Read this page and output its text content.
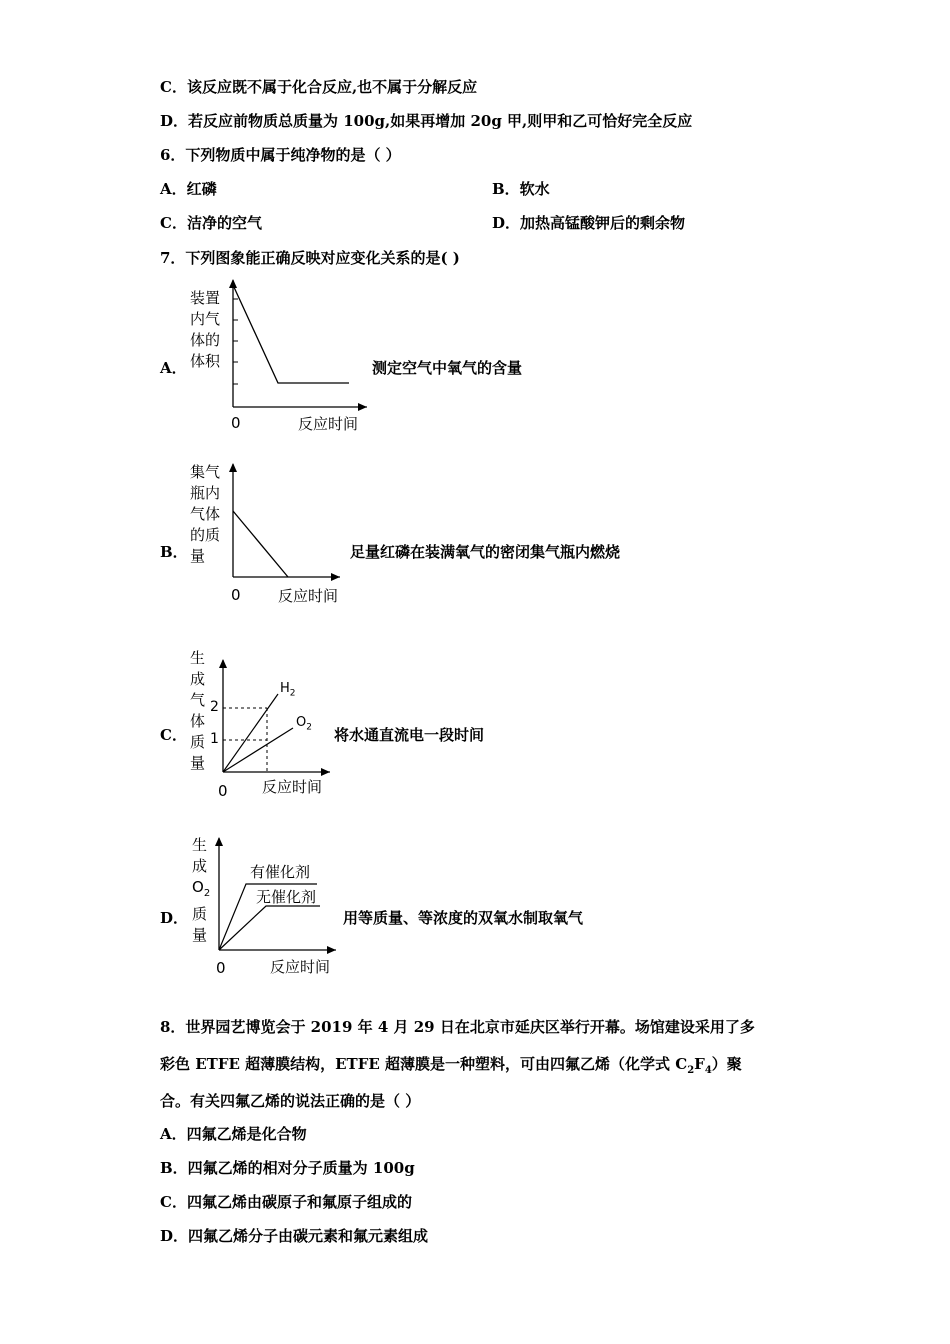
C．该反应既不属于化合反应,也不属于分解反应
D．若反应前物质总质量为 100g,如果再增加 20g 甲,则甲和乙可恰好完全反应
6．下列物质中属于纯净物的是（ ）
A．红磷	B．软水
C．洁净的空气	D．加热高锰酸钾后的剩余物
7．下列图象能正确反映对应变化关系的是( )
A．
装置
内气
体的
体积
0	反应时间
测定空气中氧气的含量
B．
集气
瓶内
气体
的质
量
0 反应时间
足量红磷在装满氧气的密闭集气瓶内燃烧
C．
生
成
气
体
质
量
2
1
$H_2$
$O_2$
0 反应时间
将水通直流电一段时间
D．
生
成
$O_2$
质
量
有催化剂
无催化剂
0	反应时间
用等质量、等浓度的双氧水制取氧气
8．世界园艺博览会于 2019 年 4 月 29 日在北京市延庆区举行开幕。场馆建设采用了多
彩色 ETFE 超薄膜结构，ETFE 超薄膜是一种塑料，可由四氟乙烯（化学式 $C_2F_4$）聚
合。有关四氟乙烯的说法正确的是（ ）
A．四氟乙烯是化合物
B．四氟乙烯的相对分子质量为 100g
C．四氟乙烯由碳原子和氟原子组成的
D．四氟乙烯分子由碳元素和氟元素组成
